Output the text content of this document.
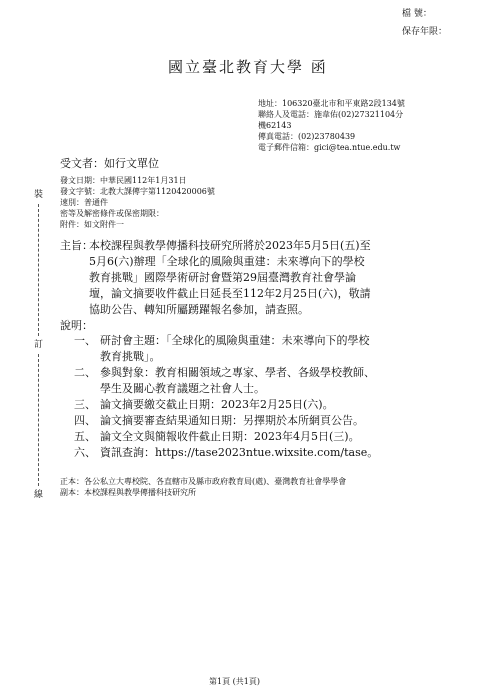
檔 號：
保存年限：
國立臺北教育大學 函
地址：106320臺北市和平東路2段134號
聯絡人及電話：施韋佑(02)27321104分
機62143
傳真電話：(02)23780439
電子郵件信箱：gici@tea.ntue.edu.tw
受文者：如行文單位
發文日期：中華民國112年1月31日
發文字號：北教大課傳字第1120420006號
速別：普通件
密等及解密條件或保密期限：
附件：如文附件一
裝
訂
線
主旨：
本校課程與教學傳播科技研究所將於2023年5月5日(五)至
5月6(六)辦理「全球化的風險與重建：未來導向下的學校
教育挑戰」國際學術研討會暨第29屆臺灣教育社會學論
壇，論文摘要收件截止日延長至112年2月25日(六)，敬請
協助公告、轉知所屬踴躍報名參加，請查照。
說明：
一、 研討會主題：「全球化的風險與重建：未來導向下的學校
教育挑戰」。
二、 參與對象：教育相關領域之專家、學者、各級學校教師、
學生及關心教育議題之社會人士。
三、 論文摘要繳交截止日期：2023年2月25日(六)。
四、 論文摘要審查結果通知日期：另擇期於本所網頁公告。
五、 論文全文與簡報收件截止日期：2023年4月5日(三)。
六、 資訊查詢：https://tase2023ntue.wixsite.com/tase。
正本：各公私立大專校院、各直轄市及縣市政府教育局(處)、臺灣教育社會學學會
副本：本校課程與教學傳播科技研究所
第1頁 (共1頁)
